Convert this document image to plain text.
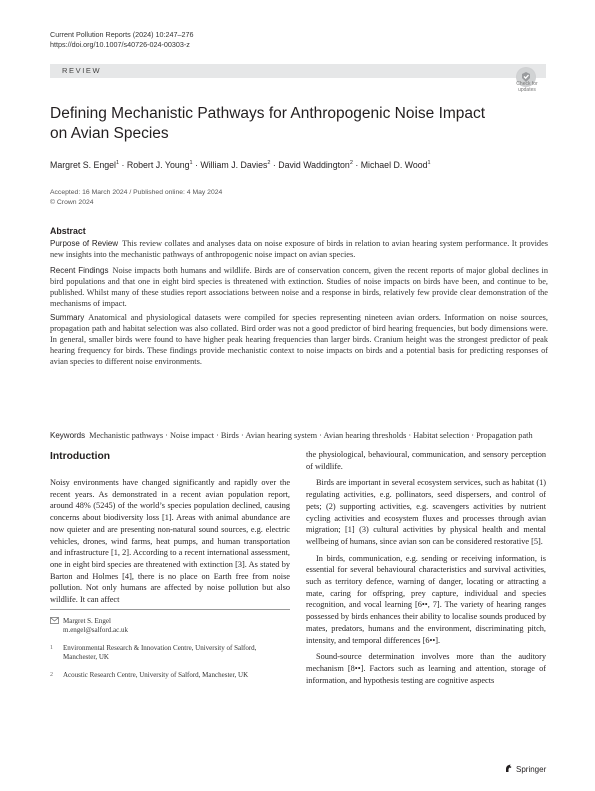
Current Pollution Reports (2024) 10:247–276
https://doi.org/10.1007/s40726-024-00303-z
REVIEW
Check for updates
Defining Mechanistic Pathways for Anthropogenic Noise Impact on Avian Species
Margret S. Engel$^1$ · Robert J. Young$^1$ · William J. Davies$^2$ · David Waddington$^2$ · Michael D. Wood$^1$
Accepted: 16 March 2024 / Published online: 4 May 2024
© Crown 2024
Abstract
Purpose of Review This review collates and analyses data on noise exposure of birds in relation to avian hearing system performance. It provides new insights into the mechanistic pathways of anthropogenic noise impact on avian species.
Recent Findings Noise impacts both humans and wildlife. Birds are of conservation concern, given the recent reports of major global declines in bird populations and that one in eight bird species is threatened with extinction. Studies of noise impacts on birds have been, and continue to be, published. Whilst many of these studies report associations between noise and a response in birds, relatively few provide clear demonstration of the mechanisms of impact.
Summary Anatomical and physiological datasets were compiled for species representing nineteen avian orders. Information on noise sources, propagation path and habitat selection was also collated. Bird order was not a good predictor of bird hearing frequencies, but body dimensions were. In general, smaller birds were found to have higher peak hearing frequencies than larger birds. Cranium height was the strongest predictor of peak hearing frequency for birds. These findings provide mechanistic context to noise impacts on birds and a potential basis for predicting responses of avian species to different noise environments.
Keywords Mechanistic pathways · Noise impact · Birds · Avian hearing system · Avian hearing thresholds · Habitat selection · Propagation path
Introduction

Noisy environments have changed significantly and rapidly over the recent years. As demonstrated in a recent avian population report, around 48% (5245) of the world’s species population declined, causing concerns about biodiversity loss [1]. Areas with animal abundance are now quieter and are presenting non-natural sound sources, e.g. electric vehicles, drones, wind farms, heat pumps, and human transportation and infrastructure [1, 2]. According to a recent international assessment, one in eight bird species are threatened with extinction [3]. As stated by Barton and Holmes [4], there is no place on Earth free from noise pollution. Not only humans are affected by noise pollution but also wildlife. It can affect

the physiological, behavioural, communication, and sensory perception of wildlife.

Birds are important in several ecosystem services, such as habitat (1) regulating activities, e.g. pollinators, seed dispersers, and control of pets; (2) supporting activities, e.g. scavengers activities by nutrient cycling activities and ecosystem fluxes and processes through avian migration; [1] (3) cultural activities by physical health and mental wellbeing of humans, since avian son can be considered restorative [5].

In birds, communication, e.g. sending or receiving information, is essential for several behavioural characteristics and survival activities, such as territory defence, warning of danger, locating or attracting a mate, caring for offspring, prey capture, individual and species recognition, and vocal learning [6••, 7]. The variety of hearing ranges possessed by birds enhances their ability to localise sounds produced by mates, predators, humans and the environment, discriminating pitch, intensity, and temporal differences [6••].

Sound-source determination involves more than the auditory mechanism [8••]. Factors such as learning and attention, storage of information, and hypothesis testing are cognitive aspects

Margret S. Engel
m.engel@salford.ac.uk
1 Environmental Research & Innovation Centre, University of Salford, Manchester, UK
2 Acoustic Research Centre, University of Salford, Manchester, UK
Springer
